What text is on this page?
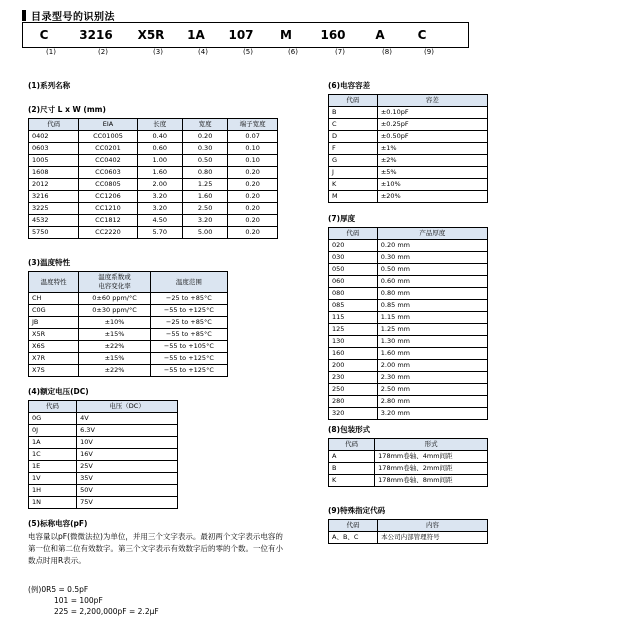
目录型号的识别法
C	3216	X5R	1A	107	M	160	A	C
(1)	(2)	(3)	(4)	(5)	(6)	(7)	(8)	(9)
(1)系列名称
(2)尺寸 L x W (mm)
代码	EIA	长度	宽度	端子宽度
0402	CC01005	0.40	0.20	0.07
0603	CC0201	0.60	0.30	0.10
1005	CC0402	1.00	0.50	0.10
1608	CC0603	1.60	0.80	0.20
2012	CC0805	2.00	1.25	0.20
3216	CC1206	3.20	1.60	0.20
3225	CC1210	3.20	2.50	0.20
4532	CC1812	4.50	3.20	0.20
5750	CC2220	5.70	5.00	0.20
(3)温度特性
温度特性	温度系数或
电容变化率	温度范围
CH	0±60 ppm/°C	−25 to +85°C
C0G	0±30 ppm/°C	−55 to +125°C
JB	±10%	−25 to +85°C
X5R	±15%	−55 to +85°C
X6S	±22%	−55 to +105°C
X7R	±15%	−55 to +125°C
X7S	±22%	−55 to +125°C
(4)额定电压(DC)
代码	电压（DC）
0G	4V
0J	6.3V
1A	10V
1C	16V
1E	25V
1V	35V
1H	50V
1N	75V
(5)标称电容(pF)
电容量以pF(微微法拉)为单位，并用三个文字表示。最初两个文字表示电容的第一位和第二位有效数字。第三个文字表示有效数字后的零的个数。一位有小数点时用R表示。
(例)0R5 = 0.5pF
101 = 100pF
225 = 2,200,000pF = 2.2μF
(6)电容容差
代码	容差
B	±0.10pF
C	±0.25pF
D	±0.50pF
F	±1%
G	±2%
J	±5%
K	±10%
M	±20%
(7)厚度
代码	产品厚度
020	0.20 mm
030	0.30 mm
050	0.50 mm
060	0.60 mm
080	0.80 mm
085	0.85 mm
115	1.15 mm
125	1.25 mm
130	1.30 mm
160	1.60 mm
200	2.00 mm
230	2.30 mm
250	2.50 mm
280	2.80 mm
320	3.20 mm
(8)包装形式
代码	形式
A	178mm卷轴、4mm间距
B	178mm卷轴、2mm间距
K	178mm卷轴、8mm间距
(9)特殊指定代码
代码	内容
A、B、C	本公司内部管理符号
